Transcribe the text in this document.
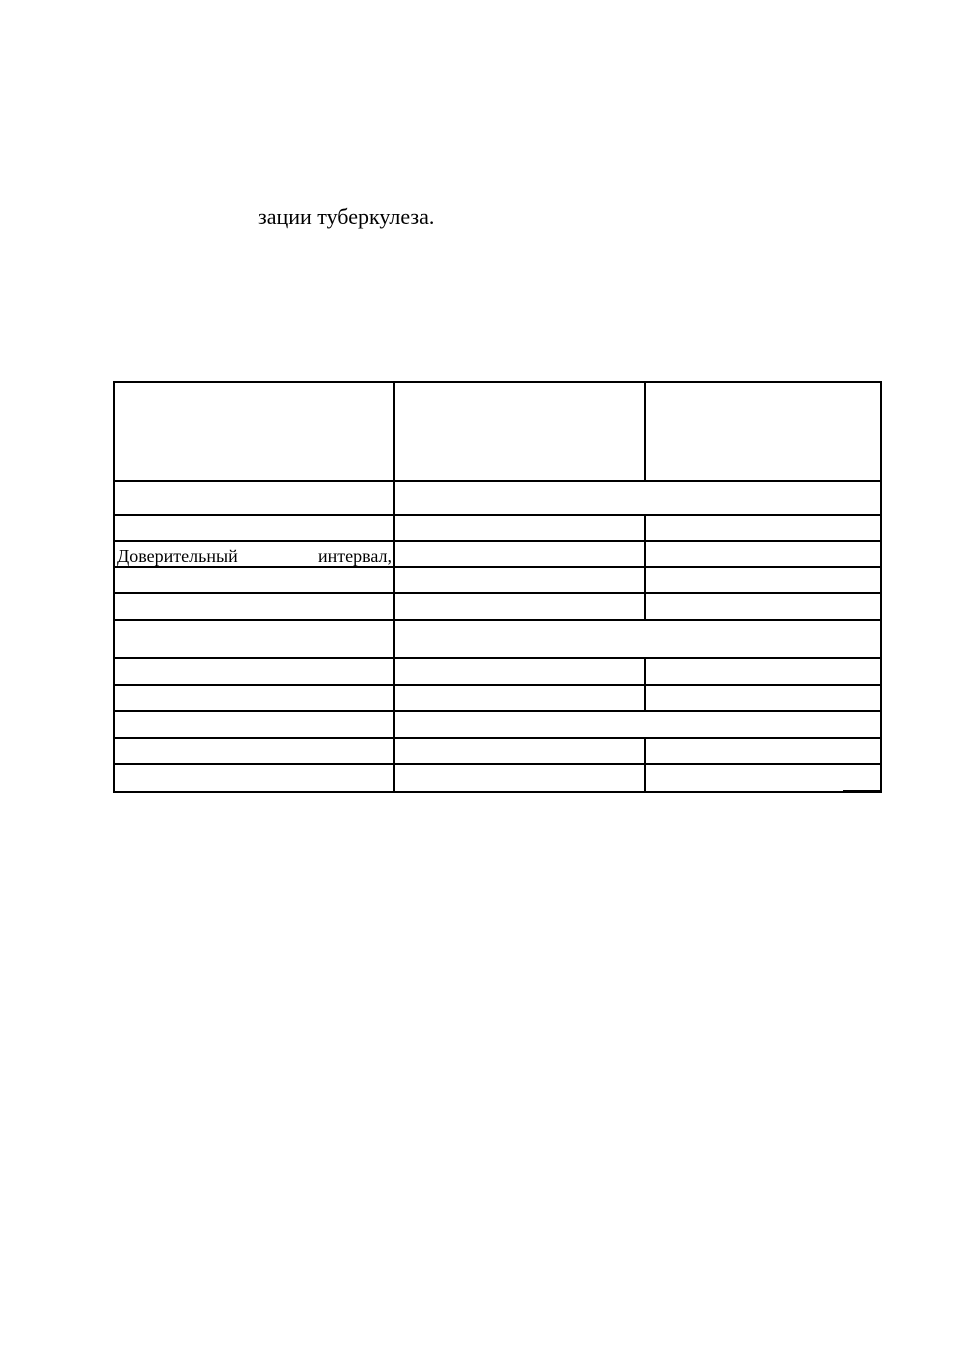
зации туберкулеза.

Доверительный интервал,		
